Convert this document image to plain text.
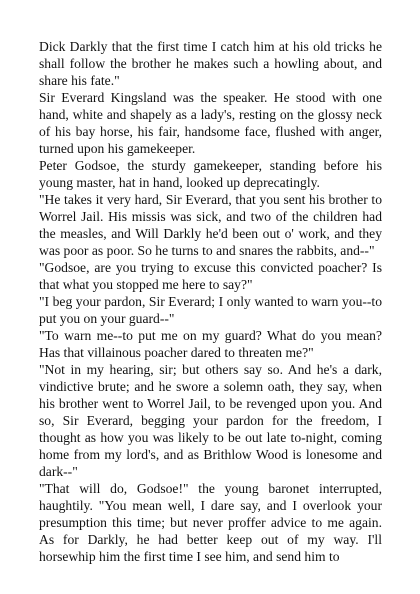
Dick Darkly that the first time I catch him at his old tricks he shall follow the brother he makes such a howling about, and share his fate."

Sir Everard Kingsland was the speaker. He stood with one hand, white and shapely as a lady's, resting on the glossy neck of his bay horse, his fair, handsome face, flushed with anger, turned upon his gamekeeper.

Peter Godsoe, the sturdy gamekeeper, standing before his young master, hat in hand, looked up deprecatingly.

"He takes it very hard, Sir Everard, that you sent his brother to Worrel Jail. His missis was sick, and two of the children had the measles, and Will Darkly he'd been out o' work, and they was poor as poor. So he turns to and snares the rabbits, and--"

"Godsoe, are you trying to excuse this convicted poacher? Is that what you stopped me here to say?"

"I beg your pardon, Sir Everard; I only wanted to warn you--to put you on your guard--"

"To warn me--to put me on my guard? What do you mean? Has that villainous poacher dared to threaten me?"

"Not in my hearing, sir; but others say so. And he's a dark, vindictive brute; and he swore a solemn oath, they say, when his brother went to Worrel Jail, to be revenged upon you. And so, Sir Everard, begging your pardon for the freedom, I thought as how you was likely to be out late to-night, coming home from my lord's, and as Brithlow Wood is lonesome and dark--"

"That will do, Godsoe!" the young baronet interrupted, haughtily. "You mean well, I dare say, and I overlook your presumption this time; but never proffer advice to me again. As for Darkly, he had better keep out of my way. I'll horsewhip him the first time I see him, and send him to
